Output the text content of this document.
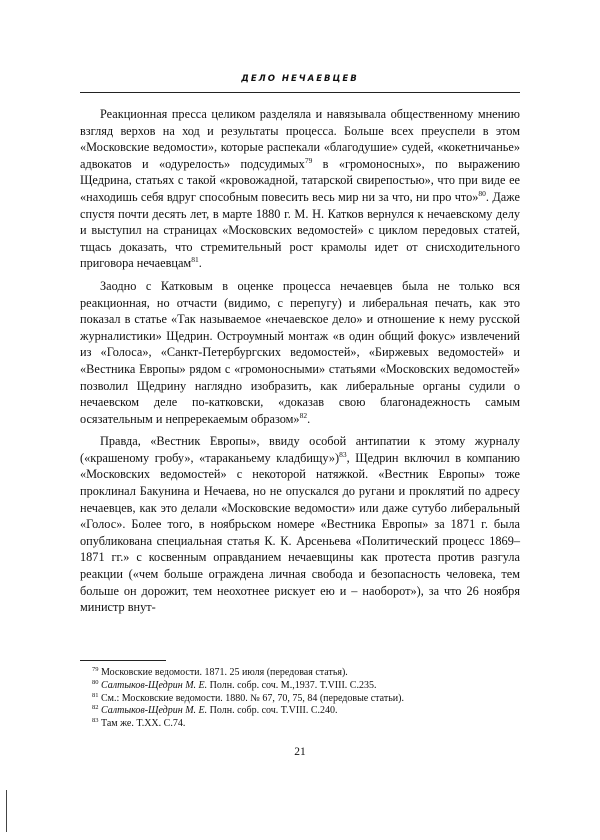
ДЕЛО НЕЧАЕВЦЕВ

Реакционная пресса целиком разделяла и навязывала общественному мнению взгляд верхов на ход и результаты процесса. Больше всех преуспели в этом «Московские ведомости», которые распекали «благодушие» судей, «кокетничанье» адвокатов и «одурелость» подсудимых$^{79}$ в «громоносных», по выражению Щедрина, статьях с такой «кровожадной, татарской свирепостью», что при виде ее «находишь себя вдруг способным повесить весь мир ни за что, ни про что»$^{80}$. Даже спустя почти десять лет, в марте 1880 г. М. Н. Катков вернулся к нечаевскому делу и выступил на страницах «Московских ведомостей» с циклом передовых статей, тщась доказать, что стремительный рост крамолы идет от снисходительного приговора нечаевцам$^{81}$.

Заодно с Катковым в оценке процесса нечаевцев была не только вся реакционная, но отчасти (видимо, с перепугу) и либеральная печать, как это показал в статье «Так называемое «нечаевское дело» и отношение к нему русской журналистики» Щедрин. Остроумный монтаж «в один общий фокус» извлечений из «Голоса», «Санкт-Петербургских ведомостей», «Биржевых ведомостей» и «Вестника Европы» рядом с «громоносными» статьями «Московских ведомостей» позволил Щедрину наглядно изобразить, как либеральные органы судили о нечаевском деле по-катковски, «доказав свою благонадежность самым осязательным и непререкаемым образом»$^{82}$.

Правда, «Вестник Европы», ввиду особой антипатии к этому журналу («крашеному гробу», «тараканьему кладбищу»)$^{83}$, Щедрин включил в компанию «Московских ведомостей» с некоторой натяжкой. «Вестник Европы» тоже проклинал Бакунина и Нечаева, но не опускался до ругани и проклятий по адресу нечаевцев, как это делали «Московские ведомости» или даже сутубо либеральный «Голос». Более того, в ноябрьском номере «Вестника Европы» за 1871 г. была опубликована специальная статья К. К. Арсеньева «Политический процесс 1869–1871 гг.» с косвенным оправданием нечаевщины как протеста против разгула реакции («чем больше ограждена личная свобода и безопасность человека, тем больше он дорожит, тем неохотнее рискует ею и – наоборот»), за что 26 ноября министр внут-

$^{79}$ Московские ведомости. 1871. 25 июля (передовая статья).
$^{80}$ Салтыков-Щедрин М. Е. Полн. собр. соч. М.,1937. T.VIII. С.235.
$^{81}$ См.: Московские ведомости. 1880. № 67, 70, 75, 84 (передовые статьи).
$^{82}$ Салтыков-Щедрин М. Е. Полн. собр. соч. T.VIII. С.240.
$^{83}$ Там же. T.XX. С.74.
21
